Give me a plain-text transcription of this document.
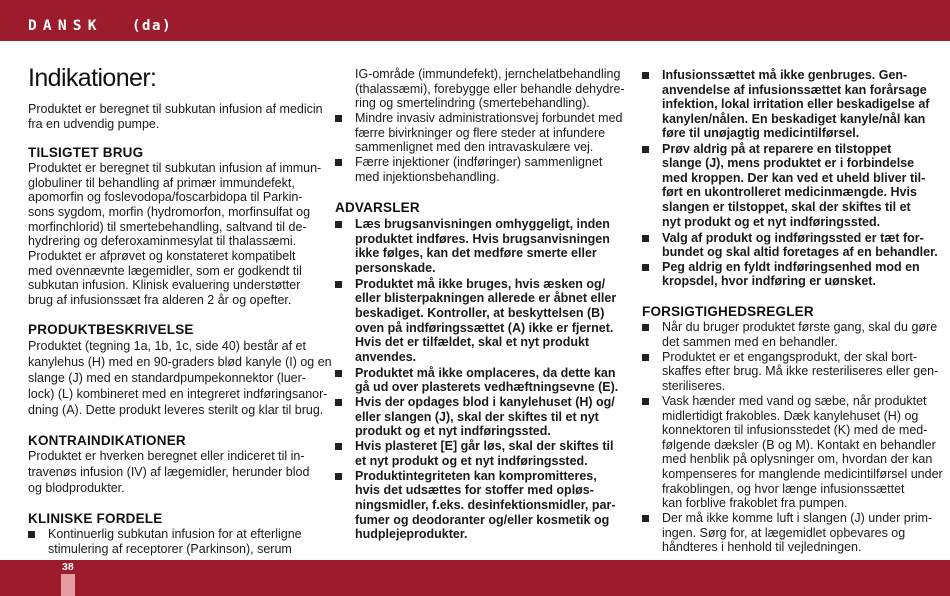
DANSK (da)
Indikationer:
Produktet er beregnet til subkutan infusion af medicin
fra en udvendig pumpe.
TILSIGTET BRUG
Produktet er beregnet til subkutan infusion af immun-
globuliner til behandling af primær immundefekt,
apomorfin og foslevodopa/foscarbidopa til Parkin-
sons sygdom, morfin (hydromorfon, morfinsulfat og
morfinchlorid) til smertebehandling, saltvand til de-
hydrering og deferoxaminmesylat til thalassæmi.
Produktet er afprøvet og konstateret kompatibelt
med ovennævnte lægemidler, som er godkendt til
subkutan infusion. Klinisk evaluering understøtter
brug af infusionssæt fra alderen 2 år og opefter.
PRODUKTBESKRIVELSE
Produktet (tegning 1a, 1b, 1c, side 40) består af et
kanylehus (H) med en 90-graders blød kanyle (I) og en
slange (J) med en standardpumpekonnektor (luer-
lock) (L) kombineret med en integreret indføringsanor-
dning (A). Dette produkt leveres sterilt og klar til brug.
KONTRAINDIKATIONER
Produktet er hverken beregnet eller indiceret til in-
travenøs infusion (IV) af lægemidler, herunder blod
og blodprodukter.
KLINISKE FORDELE
Kontinuerlig subkutan infusion for at efterligne
stimulering af receptorer (Parkinson), serum
IG-område (immundefekt), jernchelatbehandling
(thalassæmi), forebygge eller behandle dehydre-
ring og smertelindring (smertebehandling).
Mindre invasiv administrationsvej forbundet med
færre bivirkninger og flere steder at infundere
sammenlignet med den intravaskulære vej.
Færre injektioner (indføringer) sammenlignet
med injektionsbehandling.
ADVARSLER
Læs brugsanvisningen omhyggeligt, inden
produktet indføres. Hvis brugsanvisningen
ikke følges, kan det medføre smerte eller
personskade.
Produktet må ikke bruges, hvis æsken og/
eller blisterpakningen allerede er åbnet eller
beskadiget. Kontroller, at beskyttelsen (B)
oven på indføringssættet (A) ikke er fjernet.
Hvis det er tilfældet, skal et nyt produkt
anvendes.
Produktet må ikke omplaceres, da dette kan
gå ud over plasterets vedhæftningsevne (E).
Hvis der opdages blod i kanylehuset (H) og/
eller slangen (J), skal der skiftes til et nyt
produkt og et nyt indføringssted.
Hvis plasteret [E] går løs, skal der skiftes til
et nyt produkt og et nyt indføringssted.
Produktintegriteten kan kompromitteres,
hvis det udsættes for stoffer med opløs-
ningsmidler, f.eks. desinfektionsmidler, par-
fumer og deodoranter og/eller kosmetik og
hudplejeprodukter.
Infusionssættet må ikke genbruges. Gen-
anvendelse af infusionssættet kan forårsage
infektion, lokal irritation eller beskadigelse af
kanylen/nålen. En beskadiget kanyle/nål kan
føre til unøjagtig medicintilførsel.
Prøv aldrig på at reparere en tilstoppet
slange (J), mens produktet er i forbindelse
med kroppen. Der kan ved et uheld bliver til-
ført en ukontrolleret medicinmængde. Hvis
slangen er tilstoppet, skal der skiftes til et
nyt produkt og et nyt indføringssted.
Valg af produkt og indføringssted er tæt for-
bundet og skal altid foretages af en behandler.
Peg aldrig en fyldt indføringsenhed mod en
kropsdel, hvor indføring er uønsket.
FORSIGTIGHEDSREGLER
Når du bruger produktet første gang, skal du gøre
det sammen med en behandler.
Produktet er et engangsprodukt, der skal bort-
skaffes efter brug. Må ikke resteriliseres eller gen-
steriliseres.
Vask hænder med vand og sæbe, når produktet
midlertidigt frakobles. Dæk kanylehuset (H) og
konnektoren til infusionsstedet (K) med de med-
følgende dæksler (B og M). Kontakt en behandler
med henblik på oplysninger om, hvordan der kan
kompenseres for manglende medicintilførsel under
frakoblingen, og hvor længe infusionssættet
kan forblive frakoblet fra pumpen.
Der må ikke komme luft i slangen (J) under prim-
ingen. Sørg for, at lægemidlet opbevares og
håndteres i henhold til vejledningen.
38
